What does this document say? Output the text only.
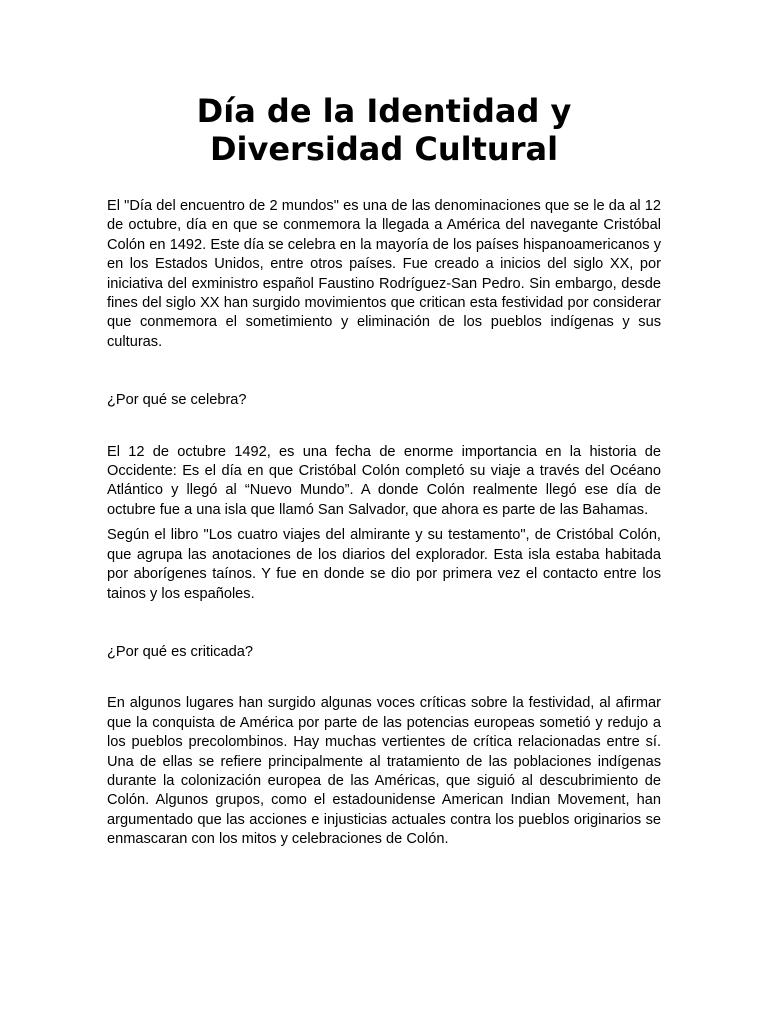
Día de la Identidad y Diversidad Cultural

El "Día del encuentro de 2 mundos" es una de las denominaciones que se le da al 12 de octubre, día en que se conmemora la llegada a América del navegante Cristóbal Colón en 1492. Este día se celebra en la mayoría de los países hispanoamericanos y en los Estados Unidos, entre otros países. Fue creado a inicios del siglo XX, por iniciativa del exministro español Faustino Rodríguez-San Pedro. Sin embargo, desde fines del siglo XX han surgido movimientos que critican esta festividad por considerar que conmemora el sometimiento y eliminación de los pueblos indígenas y sus culturas.

¿Por qué se celebra?

El 12 de octubre 1492, es una fecha de enorme importancia en la historia de Occidente: Es el día en que Cristóbal Colón completó su viaje a través del Océano Atlántico y llegó al “Nuevo Mundo”. A donde Colón realmente llegó ese día de octubre fue a una isla que llamó San Salvador, que ahora es parte de las Bahamas.

Según el libro "Los cuatro viajes del almirante y su testamento", de Cristóbal Colón, que agrupa las anotaciones de los diarios del explorador. Esta isla estaba habitada por aborígenes taínos. Y fue en donde se dio por primera vez el contacto entre los tainos y los españoles.

¿Por qué es criticada?

En algunos lugares han surgido algunas voces críticas sobre la festividad, al afirmar que la conquista de América por parte de las potencias europeas sometió y redujo a los pueblos precolombinos. Hay muchas vertientes de crítica relacionadas entre sí. Una de ellas se refiere principalmente al tratamiento de las poblaciones indígenas durante la colonización europea de las Américas, que siguió al descubrimiento de Colón. Algunos grupos, como el estadounidense American Indian Movement, han argumentado que las acciones e injusticias actuales contra los pueblos originarios se enmascaran con los mitos y celebraciones de Colón.
